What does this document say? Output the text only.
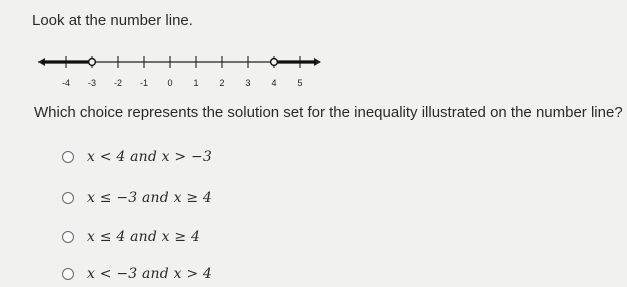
Look at the number line.
-4 -3 -2 -1 0 1 2 3 4 5

Which choice represents the solution set for the inequality illustrated on the number line?

x < 4 and x > −3
x ≤ −3 and x ≥ 4
x ≤ 4 and x ≥ 4
x < −3 and x > 4
